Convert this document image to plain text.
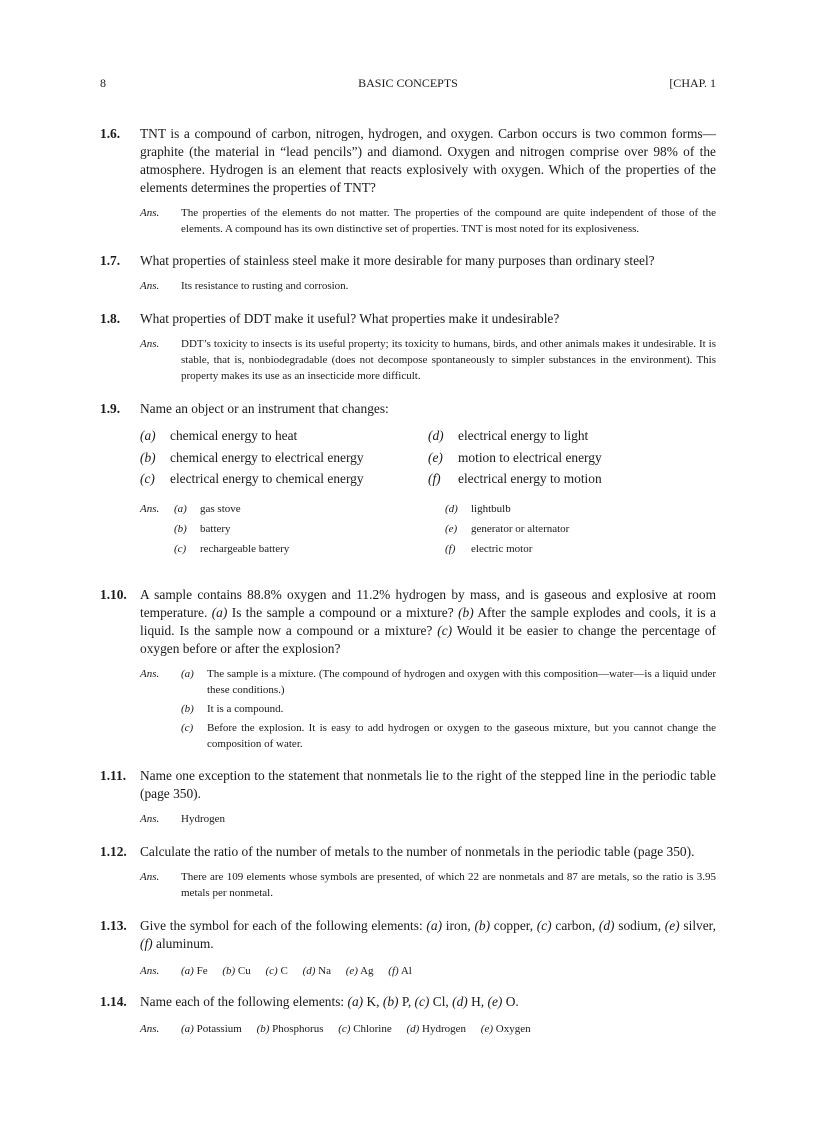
8	BASIC CONCEPTS	[CHAP. 1
1.6. TNT is a compound of carbon, nitrogen, hydrogen, and oxygen. Carbon occurs is two common forms—graphite (the material in “lead pencils”) and diamond. Oxygen and nitrogen comprise over 98% of the atmosphere. Hydrogen is an element that reacts explosively with oxygen. Which of the properties of the elements determines the properties of TNT?
Ans. The properties of the elements do not matter. The properties of the compound are quite independent of those of the elements. A compound has its own distinctive set of properties. TNT is most noted for its explosiveness.
1.7. What properties of stainless steel make it more desirable for many purposes than ordinary steel?
Ans. Its resistance to rusting and corrosion.
1.8. What properties of DDT make it useful? What properties make it undesirable?
Ans. DDT’s toxicity to insects is its useful property; its toxicity to humans, birds, and other animals makes it undesirable. It is stable, that is, nonbiodegradable (does not decompose spontaneously to simpler substances in the environment). This property makes its use as an insecticide more difficult.
1.9. Name an object or an instrument that changes:
(a)	chemical energy to heat	(d)	electrical energy to light
(b)	chemical energy to electrical energy	(e)	motion to electrical energy
(c)	electrical energy to chemical energy	(f)	electrical energy to motion
Ans. (a)	gas stove	(d)	lightbulb
(b)	battery	(e)	generator or alternator
(c)	rechargeable battery	(f)	electric motor
1.10. A sample contains 88.8% oxygen and 11.2% hydrogen by mass, and is gaseous and explosive at room temperature. (a) Is the sample a compound or a mixture? (b) After the sample explodes and cools, it is a liquid. Is the sample now a compound or a mixture? (c) Would it be easier to change the percentage of oxygen before or after the explosion?
Ans. (a)	The sample is a mixture. (The compound of hydrogen and oxygen with this composition—water—is a liquid under these conditions.)
(b)	It is a compound.
(c)	Before the explosion. It is easy to add hydrogen or oxygen to the gaseous mixture, but you cannot change the composition of water.
1.11. Name one exception to the statement that nonmetals lie to the right of the stepped line in the periodic table (page 350).
Ans. Hydrogen
1.12. Calculate the ratio of the number of metals to the number of nonmetals in the periodic table (page 350).
Ans. There are 109 elements whose symbols are presented, of which 22 are nonmetals and 87 are metals, so the ratio is 3.95 metals per nonmetal.
1.13. Give the symbol for each of the following elements: (a) iron, (b) copper, (c) carbon, (d) sodium, (e) silver, (f) aluminum.
Ans. (a) Fe (b) Cu (c) C (d) Na (e) Ag (f) Al
1.14. Name each of the following elements: (a) K, (b) P, (c) Cl, (d) H, (e) O.
Ans. (a) Potassium (b) Phosphorus (c) Chlorine (d) Hydrogen (e) Oxygen
